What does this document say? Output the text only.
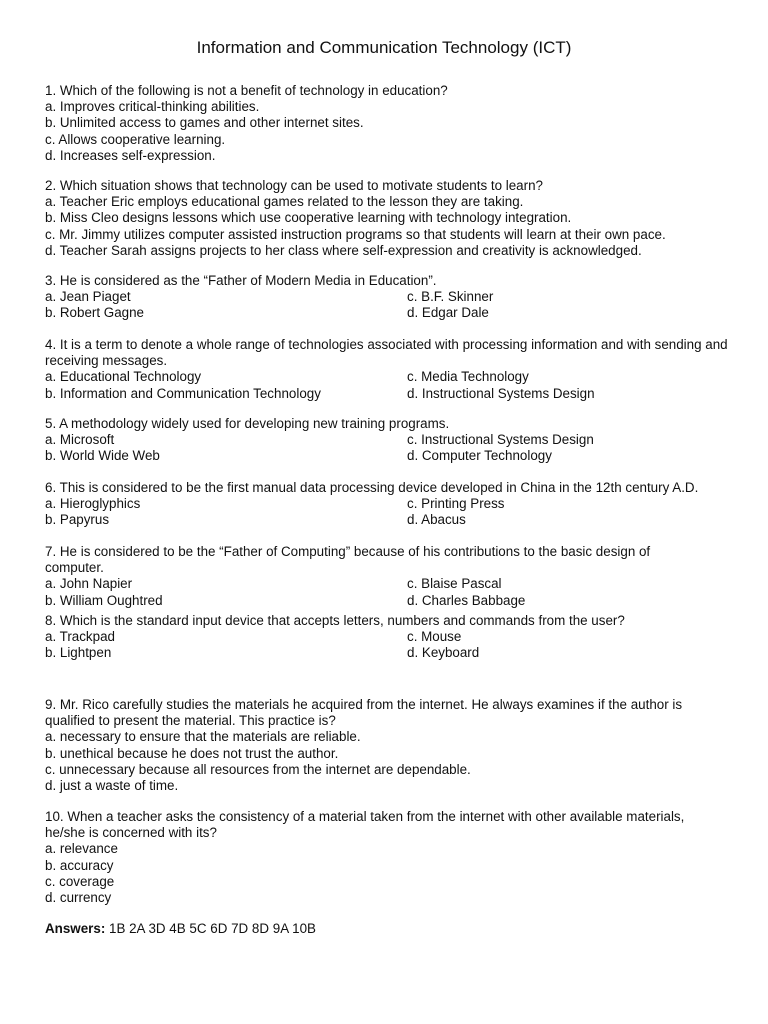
Information and Communication Technology (ICT)
1. Which of the following is not a benefit of technology in education?
a. Improves critical-thinking abilities.
b. Unlimited access to games and other internet sites.
c. Allows cooperative learning.
d. Increases self-expression.
2. Which situation shows that technology can be used to motivate students to learn?
a. Teacher Eric employs educational games related to the lesson they are taking.
b. Miss Cleo designs lessons which use cooperative learning with technology integration.
c. Mr. Jimmy utilizes computer assisted instruction programs so that students will learn at their own pace.
d. Teacher Sarah assigns projects to her class where self-expression and creativity is acknowledged.
3. He is considered as the “Father of Modern Media in Education”.
a. Jean Piaget	c. B.F. Skinner
b. Robert Gagne	d. Edgar Dale
4. It is a term to denote a whole range of technologies associated with processing information and with sending and receiving messages.
a. Educational Technology	c. Media Technology
b. Information and Communication Technology	d. Instructional Systems Design
5. A methodology widely used for developing new training programs.
a. Microsoft	c. Instructional Systems Design
b. World Wide Web	d. Computer Technology
6. This is considered to be the first manual data processing device developed in China in the 12th century A.D.
a. Hieroglyphics	c. Printing Press
b. Papyrus	d. Abacus
7. He is considered to be the “Father of Computing” because of his contributions to the basic design of computer.
a. John Napier	c. Blaise Pascal
b. William Oughtred	d. Charles Babbage
8. Which is the standard input device that accepts letters, numbers and commands from the user?
a. Trackpad	c. Mouse
b. Lightpen	d. Keyboard
9. Mr. Rico carefully studies the materials he acquired from the internet. He always examines if the author is qualified to present the material. This practice is?
a. necessary to ensure that the materials are reliable.
b. unethical because he does not trust the author.
c. unnecessary because all resources from the internet are dependable.
d. just a waste of time.
10. When a teacher asks the consistency of a material taken from the internet with other available materials, he/she is concerned with its?
a. relevance
b. accuracy
c. coverage
d. currency
Answers: 1B 2A 3D 4B 5C 6D 7D 8D 9A 10B
